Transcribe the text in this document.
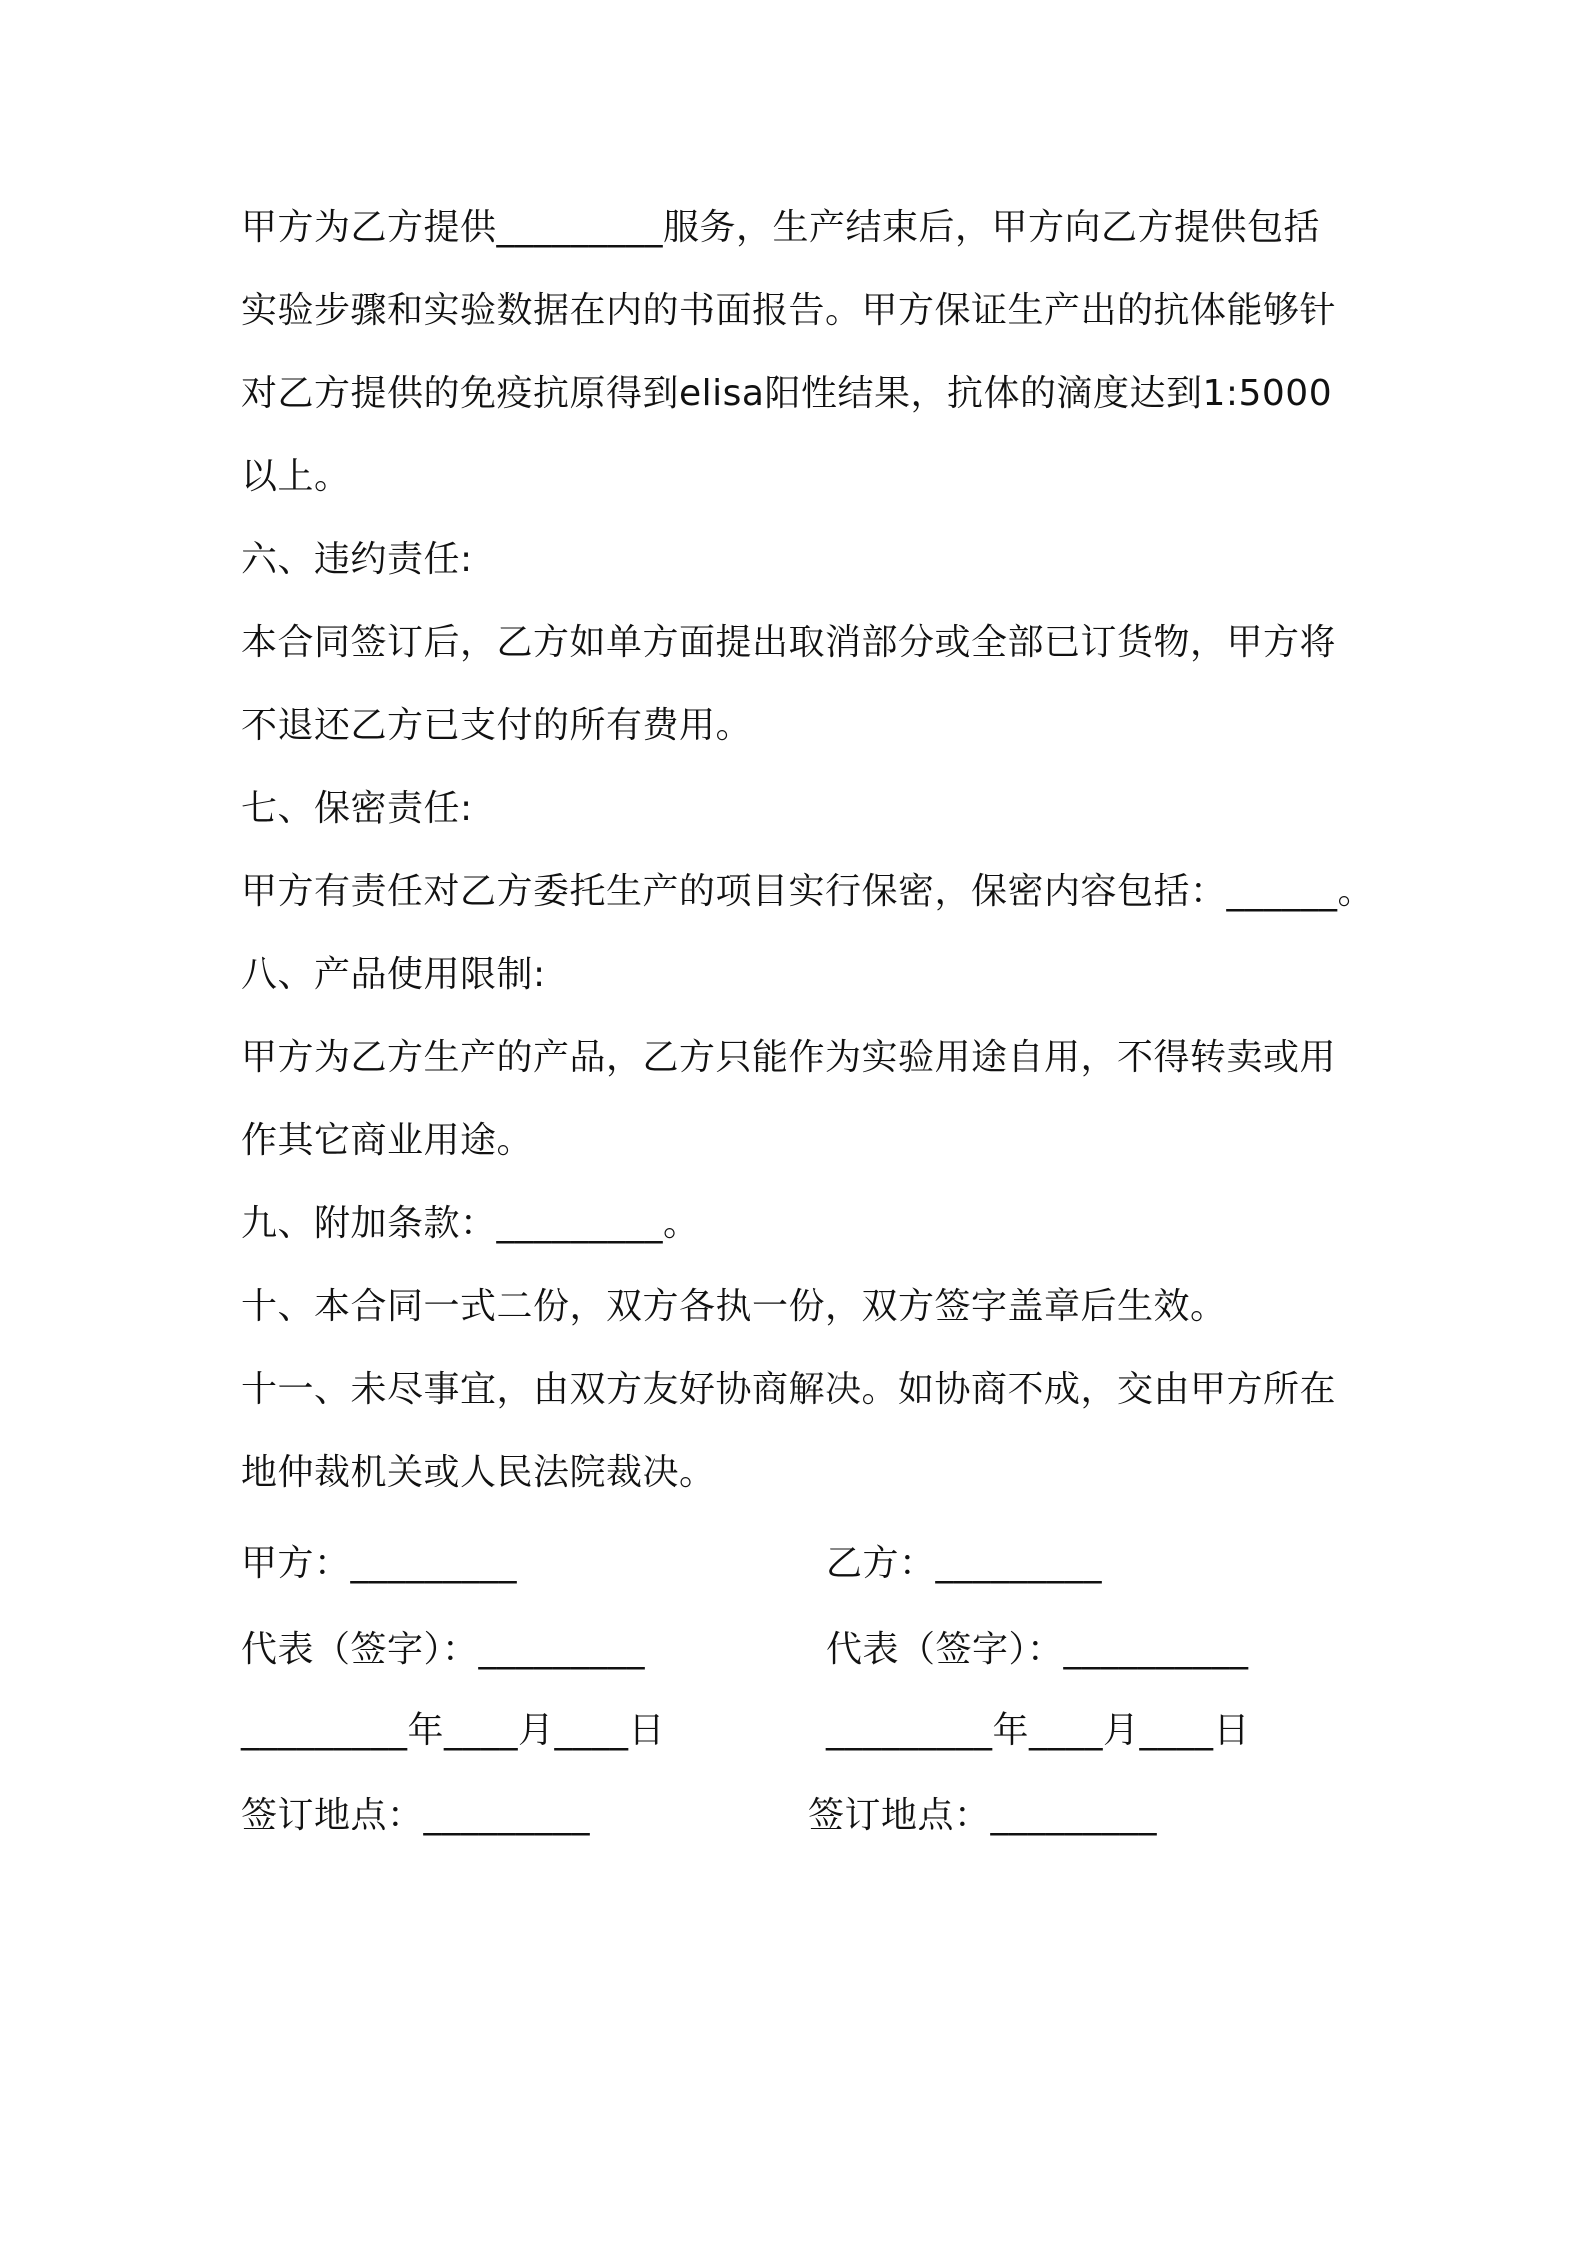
甲方为乙方提供_________服务，生产结束后，甲方向乙方提供包括
实验步骤和实验数据在内的书面报告。甲方保证生产出的抗体能够针
对乙方提供的免疫抗原得到elisa阳性结果，抗体的滴度达到1:5000
以上。
六、违约责任:
本合同签订后，乙方如单方面提出取消部分或全部已订货物，甲方将
不退还乙方已支付的所有费用。
七、保密责任:
甲方有责任对乙方委托生产的项目实行保密，保密内容包括：______。
八、产品使用限制:
甲方为乙方生产的产品，乙方只能作为实验用途自用，不得转卖或用
作其它商业用途。
九、附加条款：_________。
十、本合同一式二份，双方各执一份，双方签字盖章后生效。
十一、未尽事宜，由双方友好协商解决。如协商不成，交由甲方所在
地仲裁机关或人民法院裁决。
甲方：_________
代表（签字）：_________
_________年____月____日
签订地点：_________
乙方：_________
代表（签字）：__________
_________年____月____日
签订地点：_________
